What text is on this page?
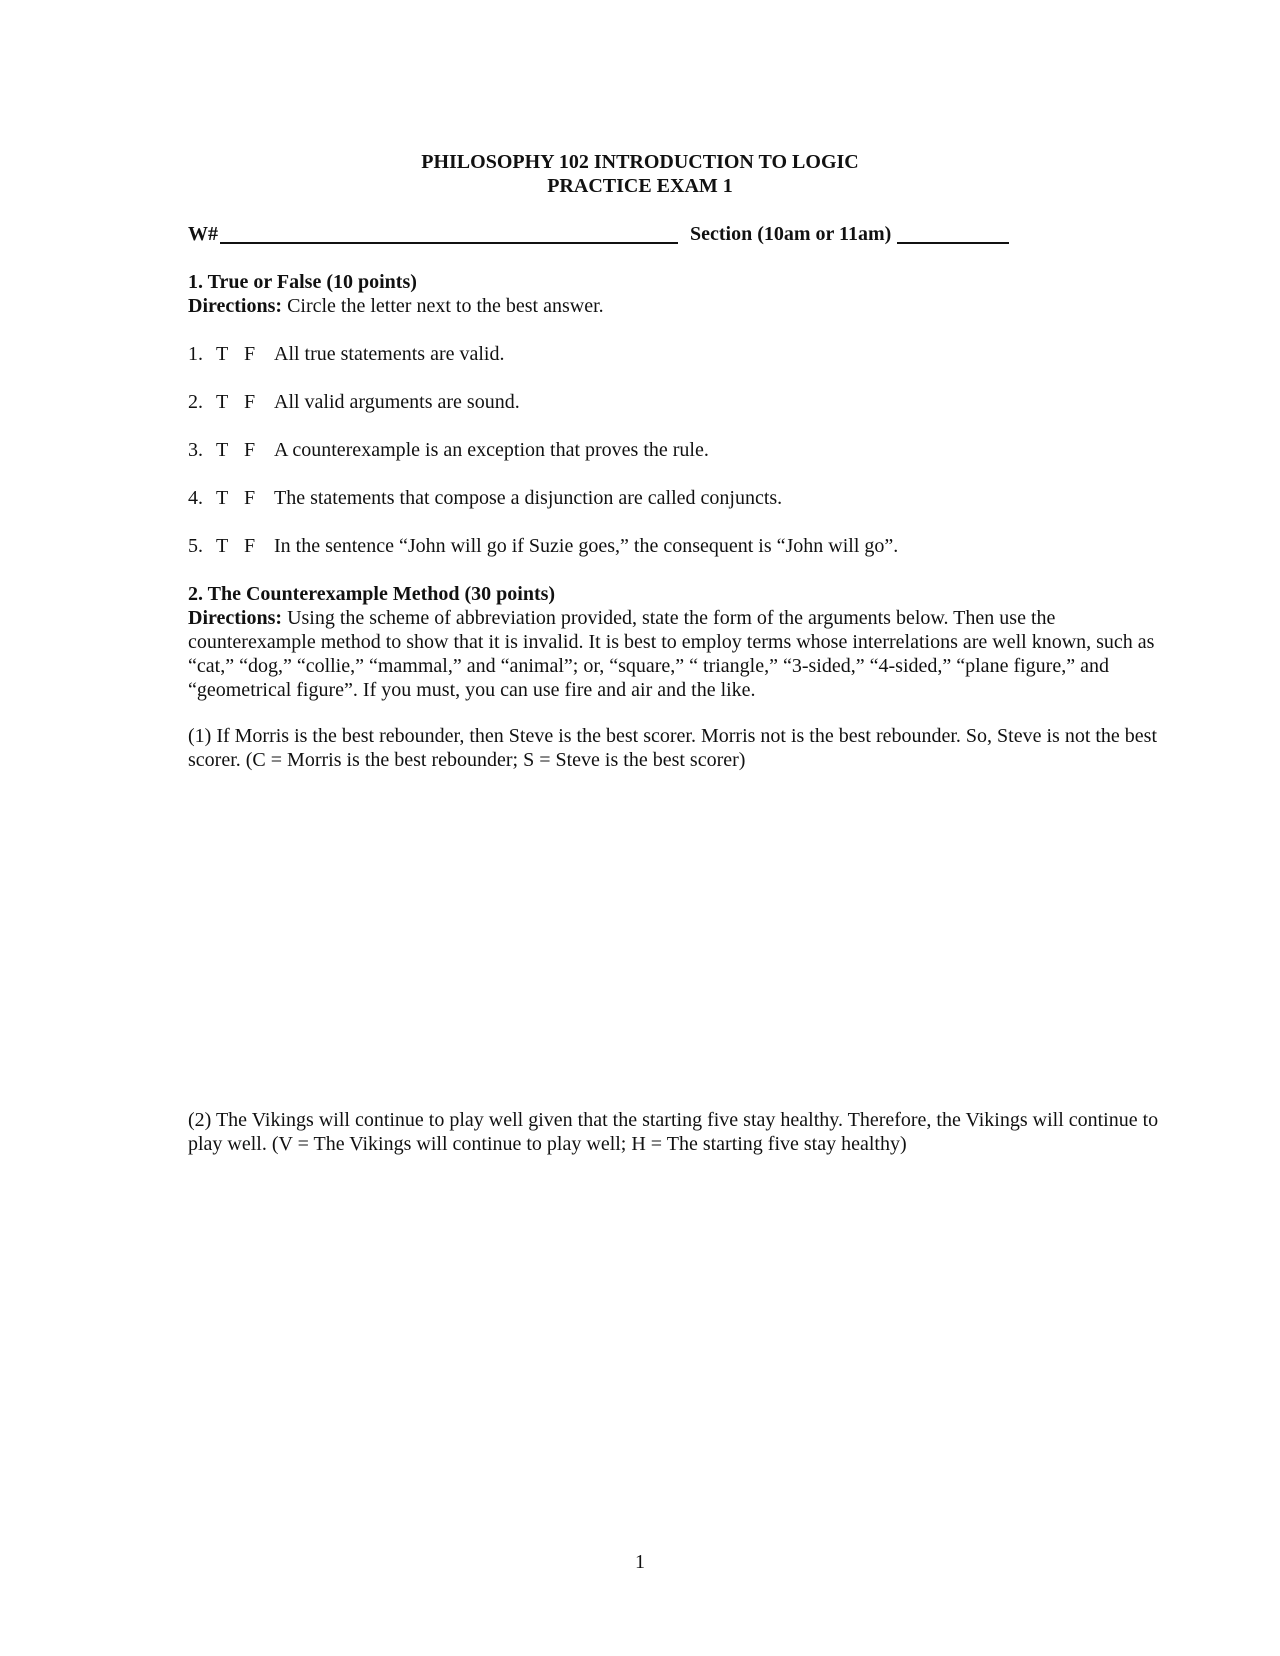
PHILOSOPHY 102 INTRODUCTION TO LOGIC
PRACTICE EXAM 1
W#	Section (10am or 11am)
1. True or False (10 points)
Directions: Circle the letter next to the best answer.
1. T F All true statements are valid.
2. T F All valid arguments are sound.
3. T F A counterexample is an exception that proves the rule.
4. T F The statements that compose a disjunction are called conjuncts.
5. T F In the sentence “John will go if Suzie goes,” the consequent is “John will go”.
2. The Counterexample Method (30 points)
Directions: Using the scheme of abbreviation provided, state the form of the arguments below. Then use the counterexample method to show that it is invalid. It is best to employ terms whose interrelations are well known, such as “cat,” “dog,” “collie,” “mammal,” and “animal”; or, “square,” “ triangle,” “3-sided,” “4-sided,” “plane figure,” and “geometrical figure”. If you must, you can use fire and air and the like.
(1) If Morris is the best rebounder, then Steve is the best scorer. Morris not is the best rebounder. So, Steve is not the best scorer. (C = Morris is the best rebounder; S = Steve is the best scorer)
(2) The Vikings will continue to play well given that the starting five stay healthy. Therefore, the Vikings will continue to play well. (V = The Vikings will continue to play well; H = The starting five stay healthy)
1
